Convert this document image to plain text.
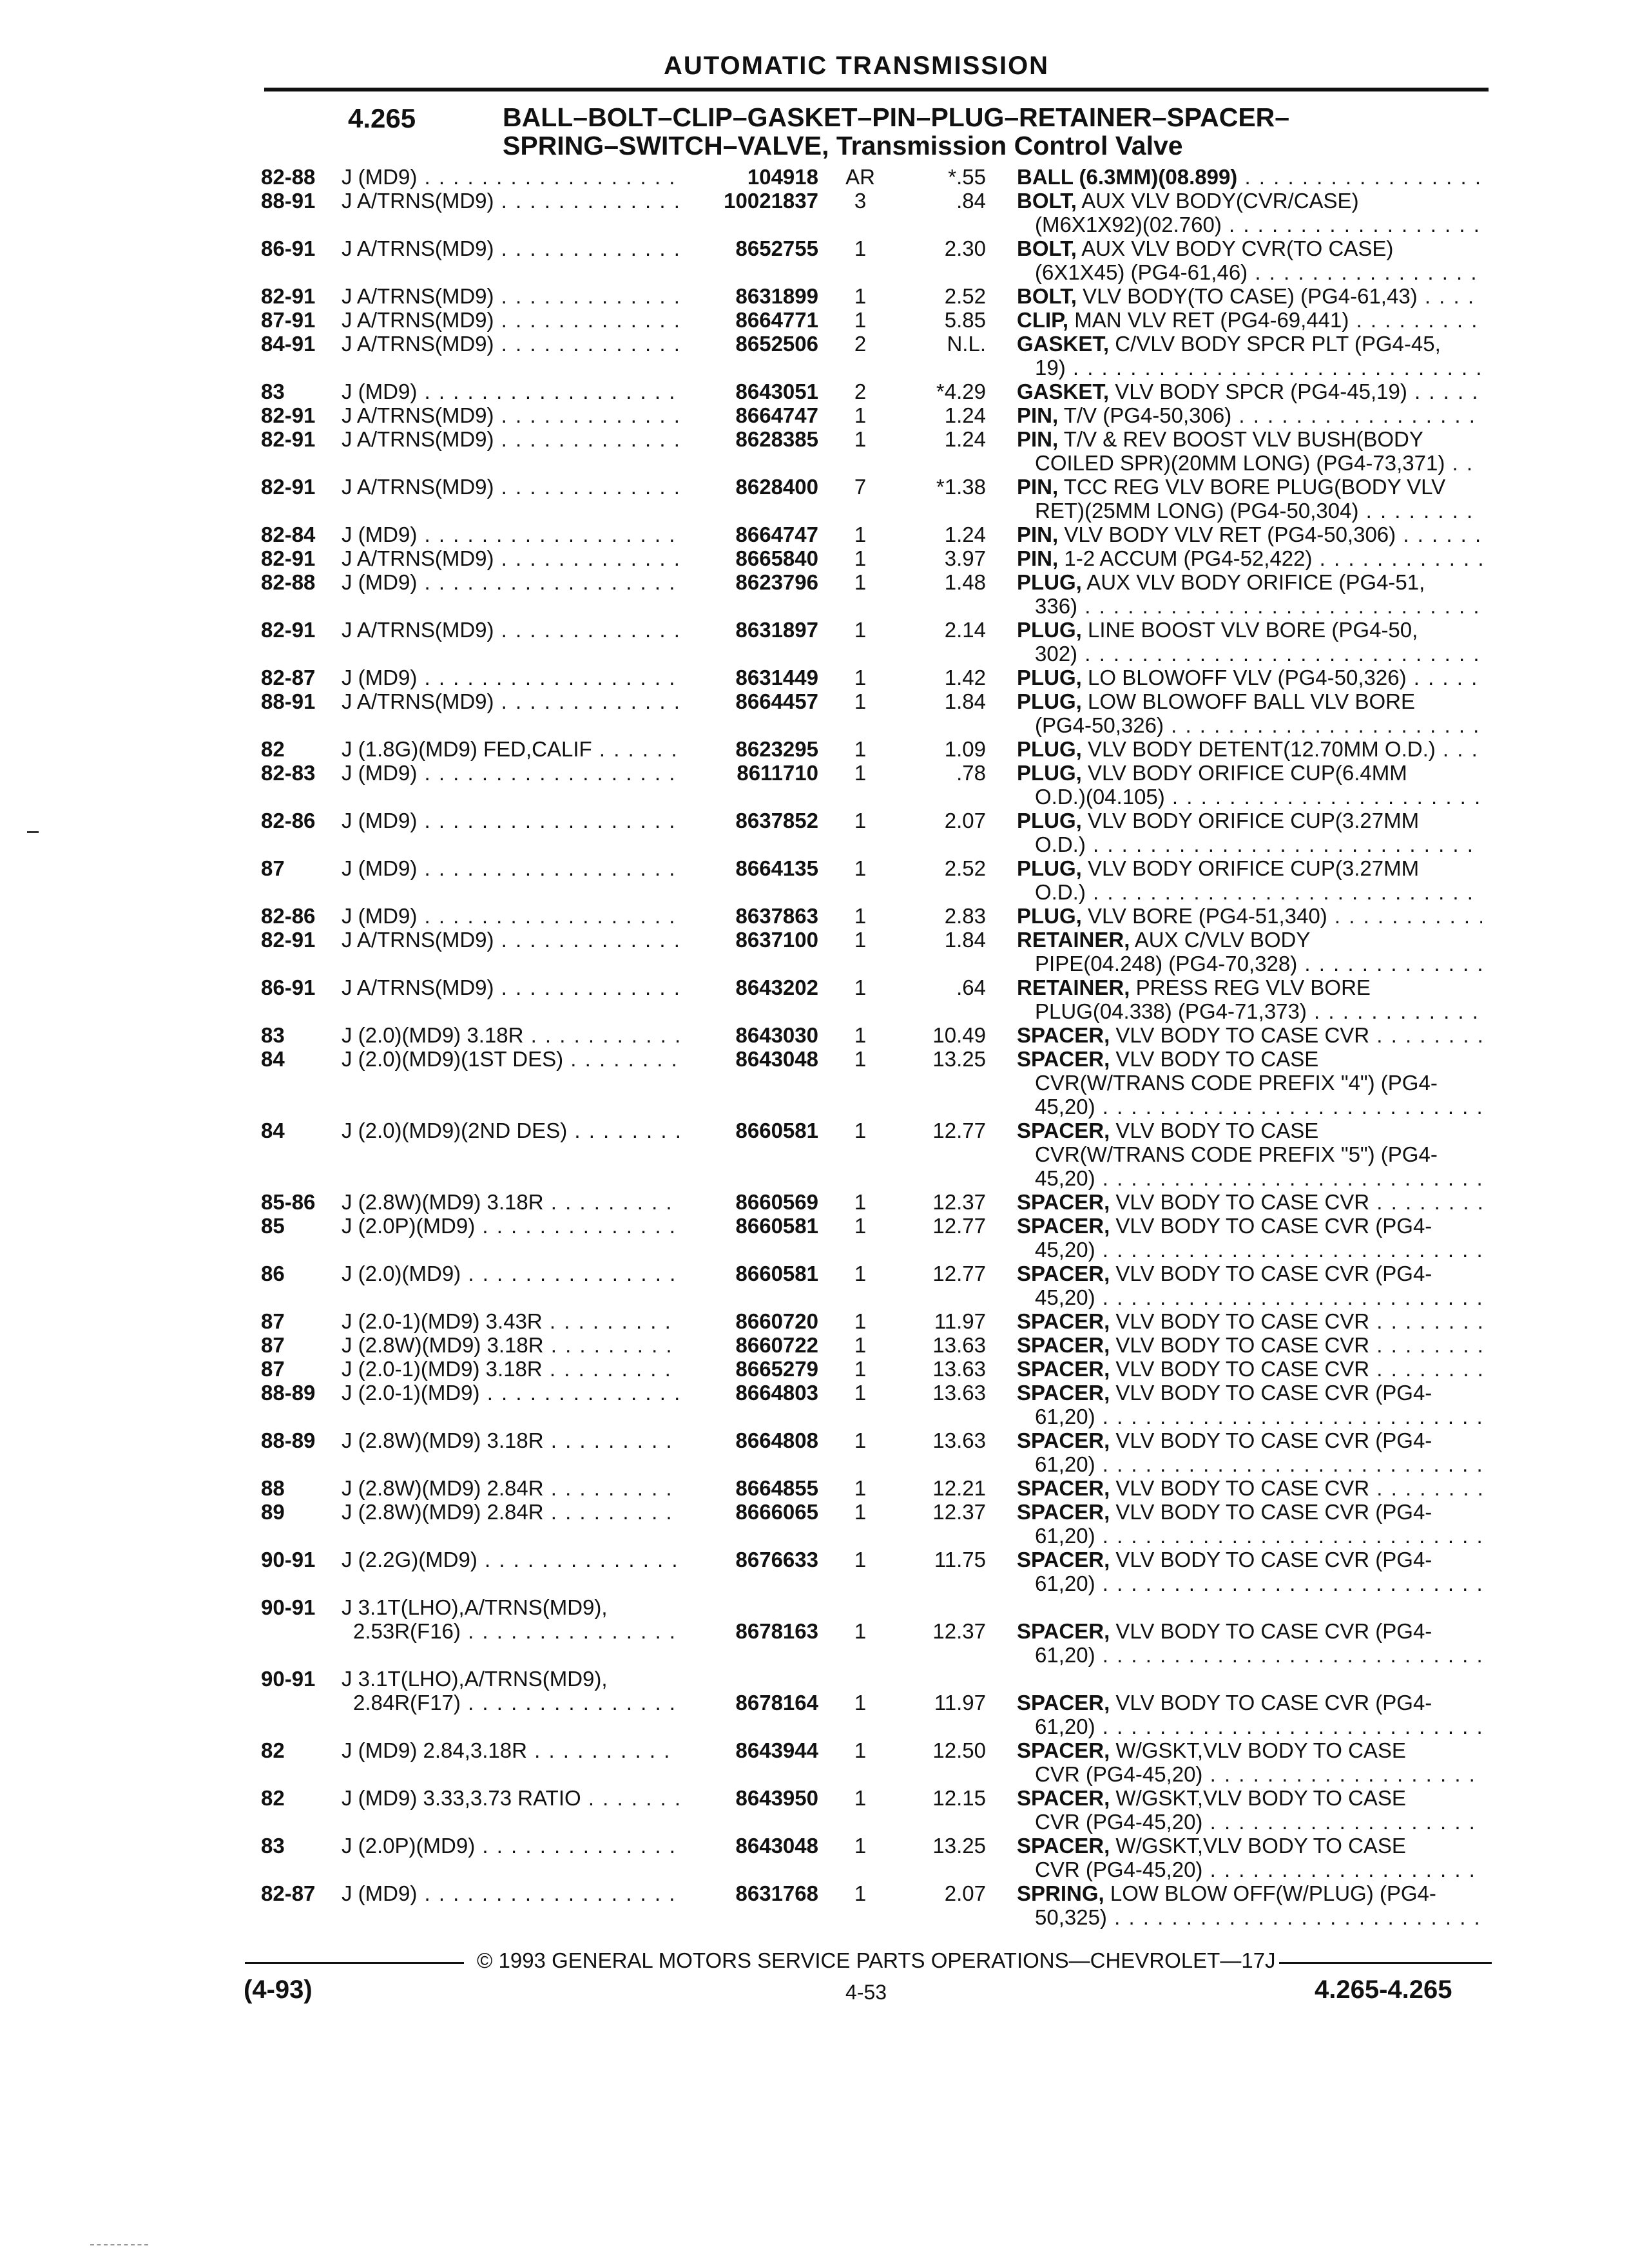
AUTOMATIC TRANSMISSION
4.265	BALL–BOLT–CLIP–GASKET–PIN–PLUG–RETAINER–SPACER–
SPRING–SWITCH–VALVE, Transmission Control Valve
82-88	J (MD9) . . .	104918	AR	*.55 BALL (6.3MM)(08.899) . . .
88-91	J A/TRNS(MD9) . . .	10021837	3	.84 BOLT, AUX VLV BODY(CVR/CASE)
(M6X1X92)(02.760) . . .
86-91	J A/TRNS(MD9) . . .	8652755	1	2.30 BOLT, AUX VLV BODY CVR(TO CASE)
(6X1X45) (PG4-61,46) . . .
82-91	J A/TRNS(MD9) . . .	8631899	1	2.52 BOLT, VLV BODY(TO CASE) (PG4-61,43) . . .
87-91	J A/TRNS(MD9) . . .	8664771	1	5.85 CLIP, MAN VLV RET (PG4-69,441) . . .
84-91	J A/TRNS(MD9) . . .	8652506	2	N.L. GASKET, C/VLV BODY SPCR PLT (PG4-45,
19) . . .
83	J (MD9) . . .	8643051	2	*4.29 GASKET, VLV BODY SPCR (PG4-45,19) . . .
82-91	J A/TRNS(MD9) . . .	8664747	1	1.24 PIN, T/V (PG4-50,306) . . .
82-91	J A/TRNS(MD9) . . .	8628385	1	1.24 PIN, T/V & REV BOOST VLV BUSH(BODY
COILED SPR)(20MM LONG) (PG4-73,371) . . .
82-91	J A/TRNS(MD9) . . .	8628400	7	*1.38 PIN, TCC REG VLV BORE PLUG(BODY VLV
RET)(25MM LONG) (PG4-50,304) . . .
82-84	J (MD9) . . .	8664747	1	1.24 PIN, VLV BODY VLV RET (PG4-50,306) . . .
82-91	J A/TRNS(MD9) . . .	8665840	1	3.97 PIN, 1-2 ACCUM (PG4-52,422) . . .
82-88	J (MD9) . . .	8623796	1	1.48 PLUG, AUX VLV BODY ORIFICE (PG4-51,
336) . . .
82-91	J A/TRNS(MD9) . . .	8631897	1	2.14 PLUG, LINE BOOST VLV BORE (PG4-50,
302) . . .
82-87	J (MD9) . . .	8631449	1	1.42 PLUG, LO BLOWOFF VLV (PG4-50,326) . . .
88-91	J A/TRNS(MD9) . . .	8664457	1	1.84 PLUG, LOW BLOWOFF BALL VLV BORE
(PG4-50,326) . . .
82	J (1.8G)(MD9) FED,CALIF . . .	8623295	1	1.09 PLUG, VLV BODY DETENT(12.70MM O.D.) . . .
82-83	J (MD9) . . .	8611710	1	.78 PLUG, VLV BODY ORIFICE CUP(6.4MM
O.D.)(04.105) . . .
82-86	J (MD9) . . .	8637852	1	2.07 PLUG, VLV BODY ORIFICE CUP(3.27MM
O.D.) . . .
87	J (MD9) . . .	8664135	1	2.52 PLUG, VLV BODY ORIFICE CUP(3.27MM
O.D.) . . .
82-86	J (MD9) . . .	8637863	1	2.83 PLUG, VLV BORE (PG4-51,340) . . .
82-91	J A/TRNS(MD9) . . .	8637100	1	1.84 RETAINER, AUX C/VLV BODY
PIPE(04.248) (PG4-70,328) . . .
86-91	J A/TRNS(MD9) . . .	8643202	1	.64 RETAINER, PRESS REG VLV BORE
PLUG(04.338) (PG4-71,373) . . .
83	J (2.0)(MD9) 3.18R . . .	8643030	1	10.49 SPACER, VLV BODY TO CASE CVR . . .
84	J (2.0)(MD9)(1ST DES) . . .	8643048	1	13.25 SPACER, VLV BODY TO CASE
CVR(W/TRANS CODE PREFIX "4") (PG4-
45,20) . . .
84	J (2.0)(MD9)(2ND DES) . . .	8660581	1	12.77 SPACER, VLV BODY TO CASE
CVR(W/TRANS CODE PREFIX "5") (PG4-
45,20) . . .
85-86	J (2.8W)(MD9) 3.18R . . .	8660569	1	12.37 SPACER, VLV BODY TO CASE CVR . . .
85	J (2.0P)(MD9) . . .	8660581	1	12.77 SPACER, VLV BODY TO CASE CVR (PG4-
45,20) . . .
86	J (2.0)(MD9) . . .	8660581	1	12.77 SPACER, VLV BODY TO CASE CVR (PG4-
45,20) . . .
87	J (2.0-1)(MD9) 3.43R . . .	8660720	1	11.97 SPACER, VLV BODY TO CASE CVR . . .
87	J (2.8W)(MD9) 3.18R . . .	8660722	1	13.63 SPACER, VLV BODY TO CASE CVR . . .
87	J (2.0-1)(MD9) 3.18R . . .	8665279	1	13.63 SPACER, VLV BODY TO CASE CVR . . .
88-89	J (2.0-1)(MD9) . . .	8664803	1	13.63 SPACER, VLV BODY TO CASE CVR (PG4-
61,20) . . .
88-89	J (2.8W)(MD9) 3.18R . . .	8664808	1	13.63 SPACER, VLV BODY TO CASE CVR (PG4-
61,20) . . .
88	J (2.8W)(MD9) 2.84R . . .	8664855	1	12.21 SPACER, VLV BODY TO CASE CVR . . .
89	J (2.8W)(MD9) 2.84R . . .	8666065	1	12.37 SPACER, VLV BODY TO CASE CVR (PG4-
61,20) . . .
90-91	J (2.2G)(MD9) . . .	8676633	1	11.75 SPACER, VLV BODY TO CASE CVR (PG4-
61,20) . . .
90-91	J 3.1T(LHO),A/TRNS(MD9),
2.53R(F16) . . .	8678163	1	12.37 SPACER, VLV BODY TO CASE CVR (PG4-
61,20) . . .
90-91	J 3.1T(LHO),A/TRNS(MD9),
2.84R(F17) . . .	8678164	1	11.97 SPACER, VLV BODY TO CASE CVR (PG4-
61,20) . . .
82	J (MD9) 2.84,3.18R . . .	8643944	1	12.50 SPACER, W/GSKT,VLV BODY TO CASE
CVR (PG4-45,20) . . .
82	J (MD9) 3.33,3.73 RATIO . . .	8643950	1	12.15 SPACER, W/GSKT,VLV BODY TO CASE
CVR (PG4-45,20) . . .
83	J (2.0P)(MD9) . . .	8643048	1	13.25 SPACER, W/GSKT,VLV BODY TO CASE
CVR (PG4-45,20) . . .
82-87	J (MD9) . . .	8631768	1	2.07 SPRING, LOW BLOW OFF(W/PLUG) (PG4-
50,325) . . .
© 1993 GENERAL MOTORS SERVICE PARTS OPERATIONS—CHEVROLET—17J
(4-93)	4-53	4.265-4.265
